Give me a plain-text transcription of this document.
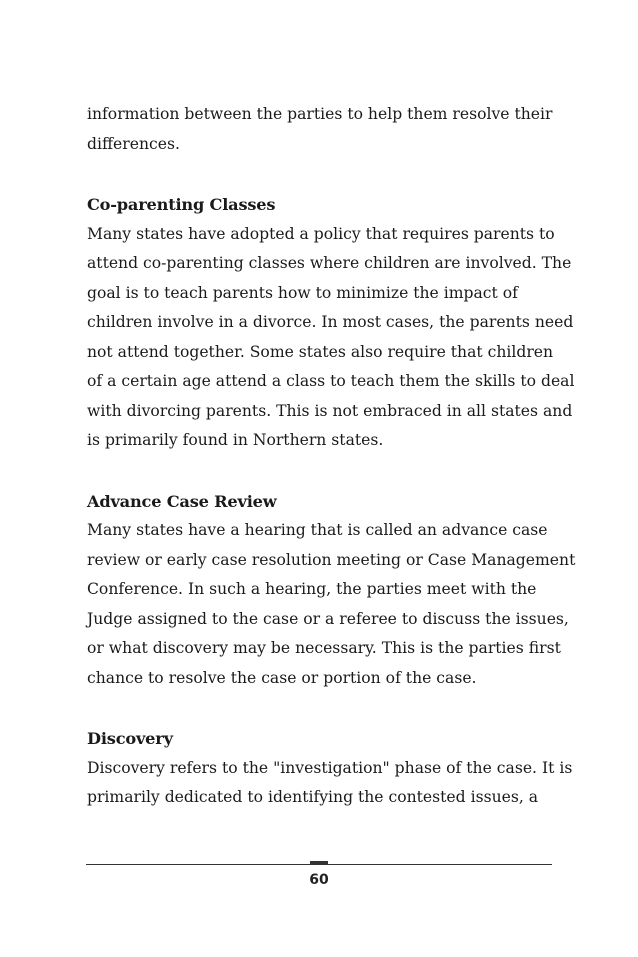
information between the parties to help them resolve their
differences.

Co-parenting Classes

Many states have adopted a policy that requires parents to
attend co-parenting classes where children are involved. The
goal is to teach parents how to minimize the impact of
children involve in a divorce. In most cases, the parents need
not attend together. Some states also require that children
of a certain age attend a class to teach them the skills to deal
with divorcing parents. This is not embraced in all states and
is primarily found in Northern states.

Advance Case Review

Many states have a hearing that is called an advance case
review or early case resolution meeting or Case Management
Conference. In such a hearing, the parties meet with the
Judge assigned to the case or a referee to discuss the issues,
or what discovery may be necessary. This is the parties first
chance to resolve the case or portion of the case.

Discovery

Discovery refers to the "investigation" phase of the case. It is
primarily dedicated to identifying the contested issues, a

60
